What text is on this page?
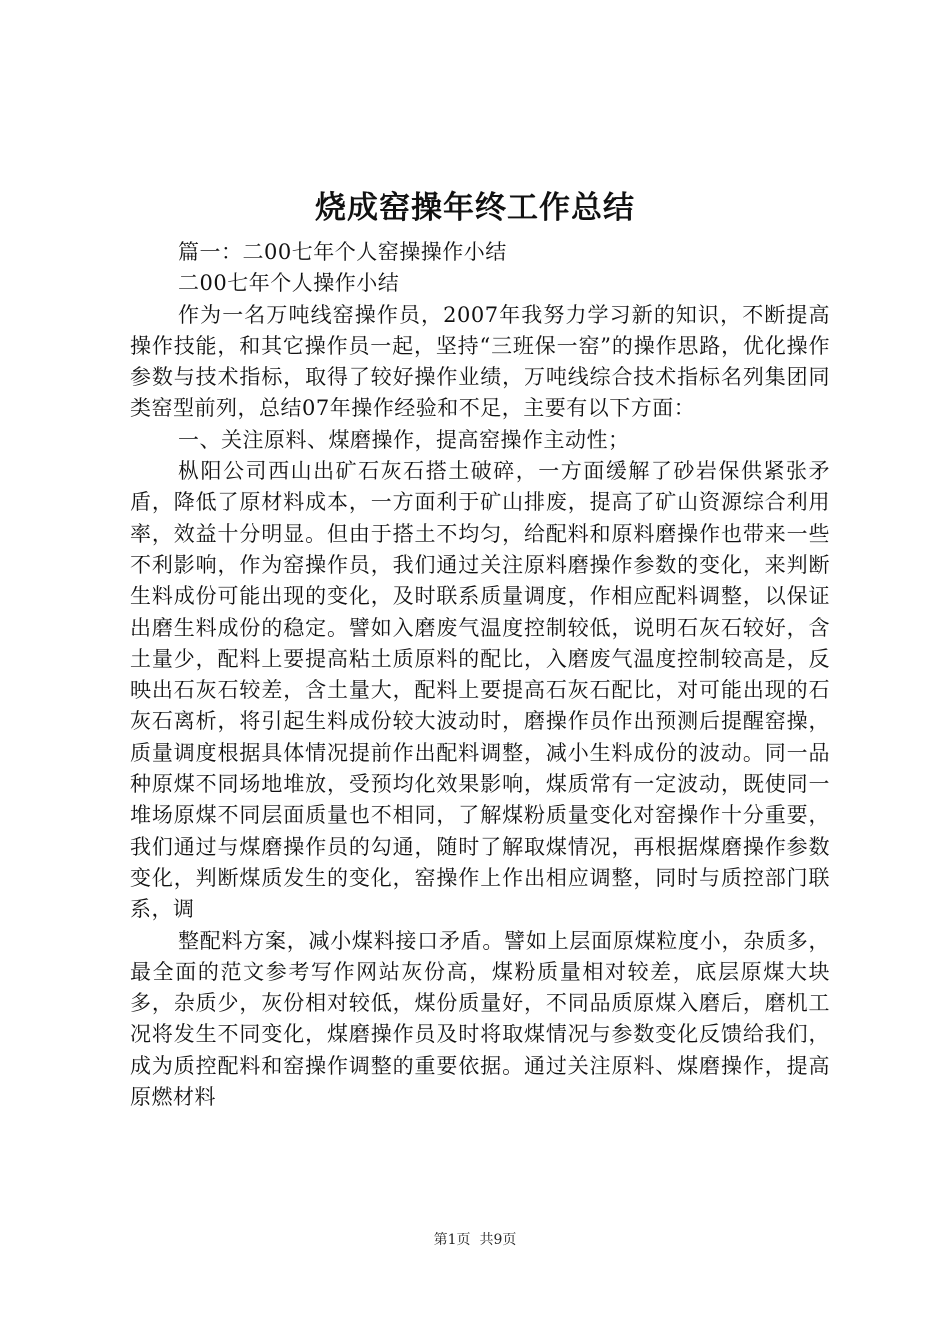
烧成窑操年终工作总结

篇一：二00七年个人窑操操作小结

二00七年个人操作小结

作为一名万吨线窑操作员，2007年我努力学习新的知识，不断提高操作技能，和其它操作员一起，坚持“三班保一窑”的操作思路，优化操作参数与技术指标，取得了较好操作业绩，万吨线综合技术指标名列集团同类窑型前列，总结07年操作经验和不足，主要有以下方面：

一、关注原料、煤磨操作，提高窑操作主动性；

枞阳公司西山出矿石灰石搭土破碎，一方面缓解了砂岩保供紧张矛盾，降低了原材料成本，一方面利于矿山排废，提高了矿山资源综合利用率，效益十分明显。但由于搭土不均匀，给配料和原料磨操作也带来一些不利影响，作为窑操作员，我们通过关注原料磨操作参数的变化，来判断生料成份可能出现的变化，及时联系质量调度，作相应配料调整，以保证出磨生料成份的稳定。譬如入磨废气温度控制较低，说明石灰石较好，含土量少，配料上要提高粘土质原料的配比，入磨废气温度控制较高是，反映出石灰石较差，含土量大，配料上要提高石灰石配比，对可能出现的石灰石离析，将引起生料成份较大波动时，磨操作员作出预测后提醒窑操，质量调度根据具体情况提前作出配料调整，减小生料成份的波动。同一品种原煤不同场地堆放，受预均化效果影响，煤质常有一定波动，既使同一堆场原煤不同层面质量也不相同，了解煤粉质量变化对窑操作十分重要，我们通过与煤磨操作员的勾通，随时了解取煤情况，再根据煤磨操作参数变化，判断煤质发生的变化，窑操作上作出相应调整，同时与质控部门联系，调

整配料方案，减小煤料接口矛盾。譬如上层面原煤粒度小，杂质多，最全面的范文参考写作网站灰份高，煤粉质量相对较差，底层原煤大块多，杂质少，灰份相对较低，煤份质量好，不同品质原煤入磨后，磨机工况将发生不同变化，煤磨操作员及时将取煤情况与参数变化反馈给我们，成为质控配料和窑操作调整的重要依据。通过关注原料、煤磨操作，提高原燃材料

第1页 共9页
